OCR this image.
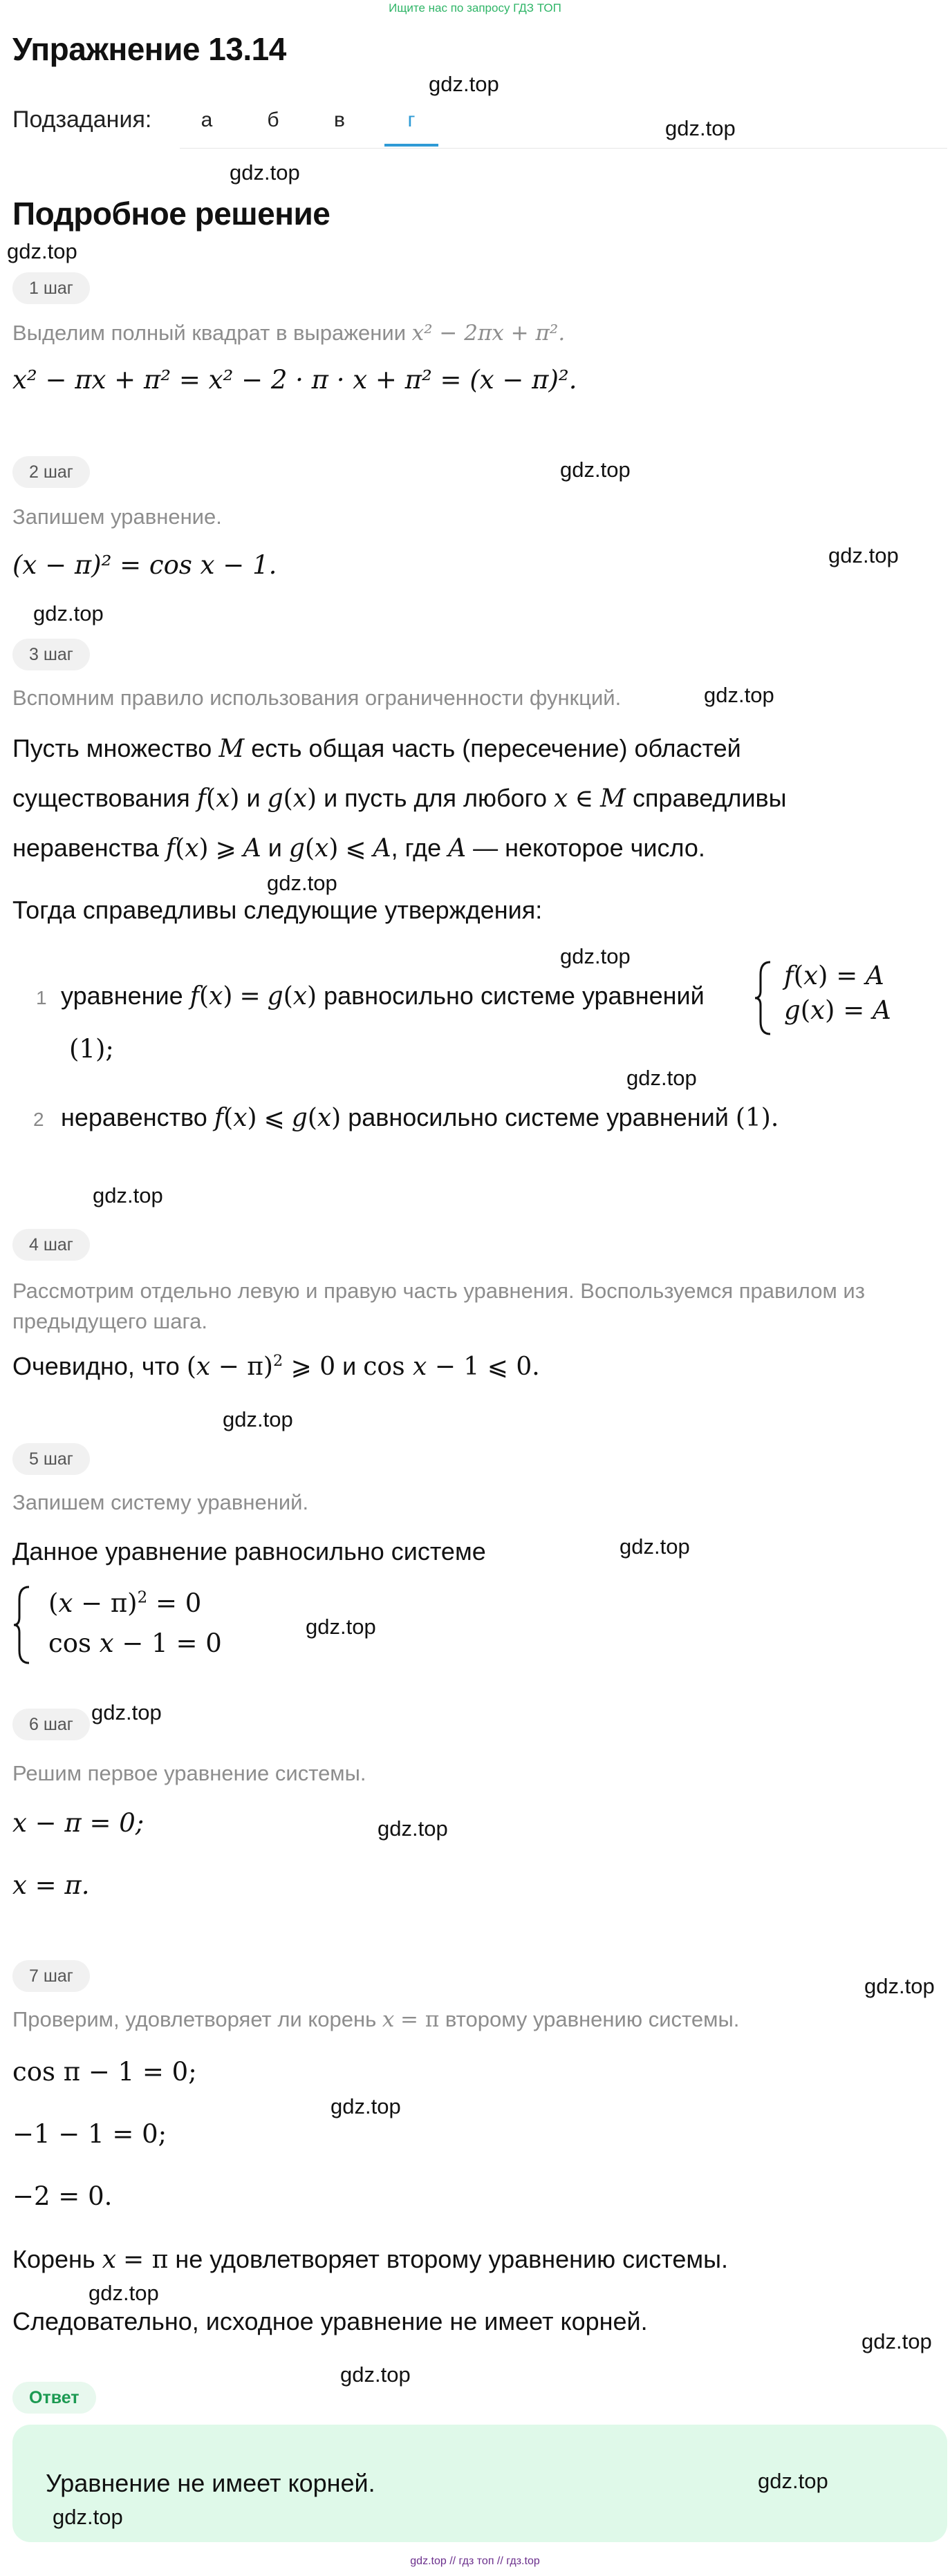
Ищите нас по запросу ГДЗ ТОП
Упражнение 13.14
Подзадания:	а	б	в	г
Подробное решение
gdz.top
gdz.top
gdz.top
gdz.top
gdz.top
gdz.top
gdz.top
gdz.top
gdz.top
gdz.top
gdz.top
gdz.top
gdz.top
gdz.top
gdz.top
gdz.top
gdz.top
gdz.top
gdz.top
gdz.top
gdz.top
gdz.top
1 шаг
Выделим полный квадрат в выражении x² − 2πx + π².
x² − πx + π² = x² − 2 · π · x + π² = (x − π)².
2 шаг
Запишем уравнение.
(x − π)² = cos x − 1.
3 шаг
Вспомним правило использования ограниченности функций.
Пусть множество M есть общая часть (пересечение) областей
существования f(x) и g(x) и пусть для любого x ∈ M справедливы
неравенства f(x) ⩾ A и g(x) ⩽ A, где A — некоторое число.
Тогда справедливы следующие утверждения:
1 уравнение f(x) = g(x) равносильно системе уравнений
f(x) = A
g(x) = A
(1);
2 неравенство f(x) ⩽ g(x) равносильно системе уравнений (1).
4 шаг
Рассмотрим отдельно левую и правую часть уравнения. Воспользуемся правилом из предыдущего шага.
Очевидно, что $(x - \pi)^2$ ⩾ 0 и cos x − 1 ⩽ 0.
5 шаг
Запишем систему уравнений.
Данное уравнение равносильно системе
$(x - \pi)^2 = 0$
cos x − 1 = 0
6 шаг
Решим первое уравнение системы.
x − π = 0;
x = π.
7 шаг
Проверим, удовлетворяет ли корень x = π второму уравнению системы.
cos π − 1 = 0;
−1 − 1 = 0;
−2 = 0.
Корень x = π не удовлетворяет второму уравнению системы.
Следовательно, исходное уравнение не имеет корней.
Ответ
Уравнение не имеет корней.	gdz.top
gdz.top
gdz.top // гдз топ // гдз.top
